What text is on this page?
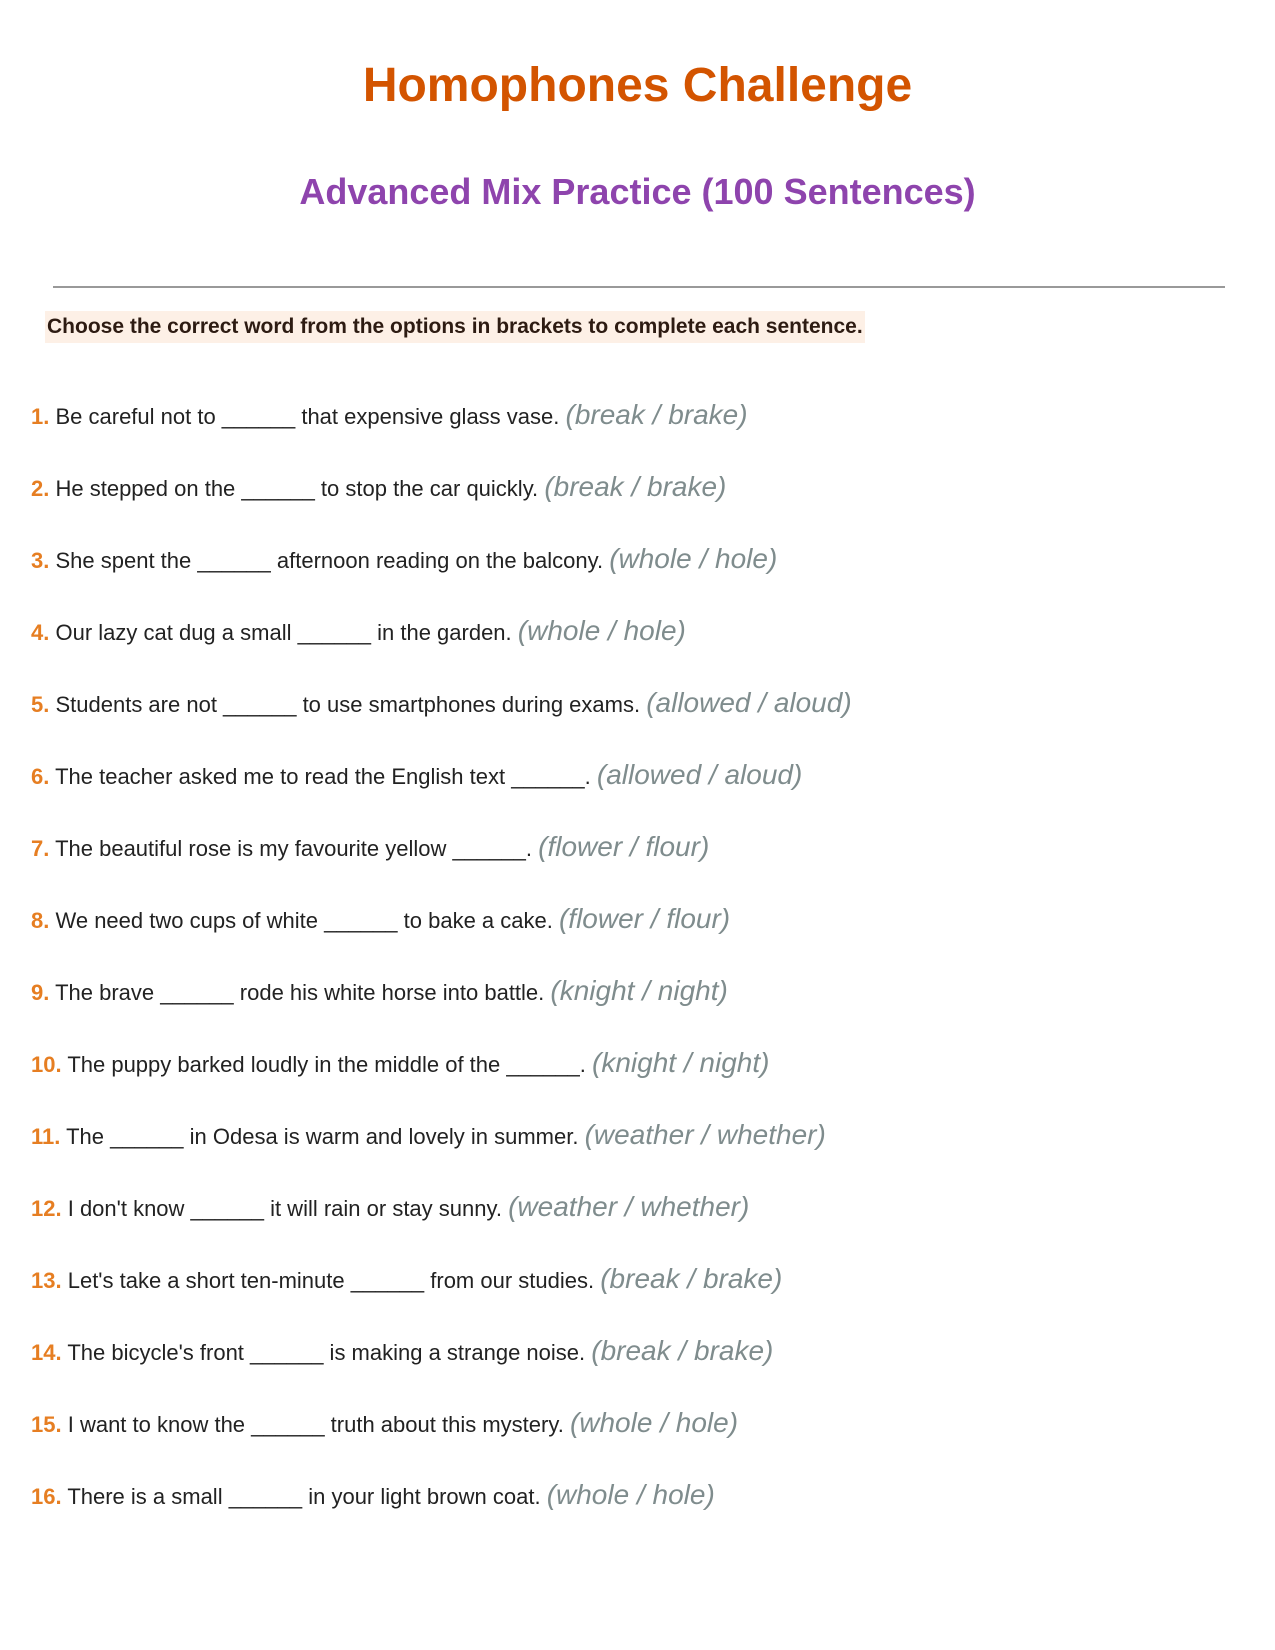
Homophones Challenge
Advanced Mix Practice (100 Sentences)
Choose the correct word from the options in brackets to complete each sentence.
1. Be careful not to ______ that expensive glass vase. (break / brake)
2. He stepped on the ______ to stop the car quickly. (break / brake)
3. She spent the ______ afternoon reading on the balcony. (whole / hole)
4. Our lazy cat dug a small ______ in the garden. (whole / hole)
5. Students are not ______ to use smartphones during exams. (allowed / aloud)
6. The teacher asked me to read the English text ______. (allowed / aloud)
7. The beautiful rose is my favourite yellow ______. (flower / flour)
8. We need two cups of white ______ to bake a cake. (flower / flour)
9. The brave ______ rode his white horse into battle. (knight / night)
10. The puppy barked loudly in the middle of the ______. (knight / night)
11. The ______ in Odesa is warm and lovely in summer. (weather / whether)
12. I don't know ______ it will rain or stay sunny. (weather / whether)
13. Let's take a short ten-minute ______ from our studies. (break / brake)
14. The bicycle's front ______ is making a strange noise. (break / brake)
15. I want to know the ______ truth about this mystery. (whole / hole)
16. There is a small ______ in your light brown coat. (whole / hole)
